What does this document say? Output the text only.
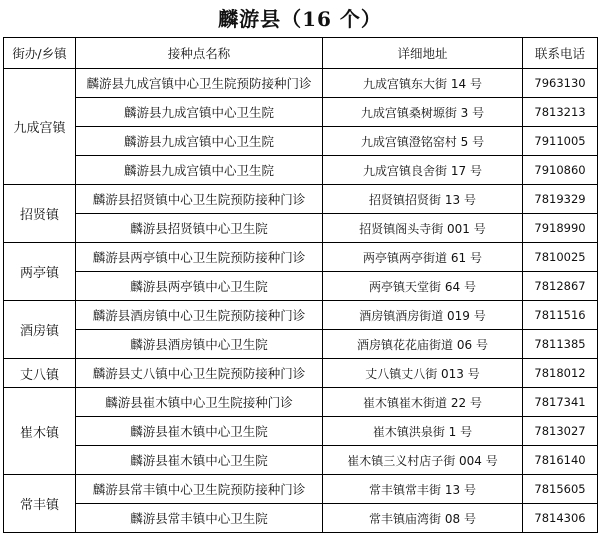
麟游县（16 个）
街办/乡镇	接种点名称	详细地址	联系电话
九成宫镇	麟游县九成宫镇中心卫生院预防接种门诊	九成宫镇东大街 14 号	7963130
	麟游县九成宫镇中心卫生院	九成宫镇桑树塬街 3 号	7813213
	麟游县九成宫镇中心卫生院	九成宫镇澄铭窑村 5 号	7911005
	麟游县九成宫镇中心卫生院	九成宫镇良舍街 17 号	7910860
招贤镇	麟游县招贤镇中心卫生院预防接种门诊	招贤镇招贤街 13 号	7819329
	麟游县招贤镇中心卫生院	招贤镇阁头寺街 001 号	7918990
两亭镇	麟游县两亭镇中心卫生院预防接种门诊	两亭镇两亭街道 61 号	7810025
	麟游县两亭镇中心卫生院	两亭镇天堂街 64 号	7812867
酒房镇	麟游县酒房镇中心卫生院预防接种门诊	酒房镇酒房街道 019 号	7811516
	麟游县酒房镇中心卫生院	酒房镇花花庙街道 06 号	7811385
丈八镇	麟游县丈八镇中心卫生院预防接种门诊	丈八镇丈八街 013 号	7818012
崔木镇	麟游县崔木镇中心卫生院接种门诊	崔木镇崔木街道 22 号	7817341
	麟游县崔木镇中心卫生院	崔木镇洪泉街 1 号	7813027
	麟游县崔木镇中心卫生院	崔木镇三义村店子街 004 号	7816140
常丰镇	麟游县常丰镇中心卫生院预防接种门诊	常丰镇常丰街 13 号	7815605
	麟游县常丰镇中心卫生院	常丰镇庙湾街 08 号	7814306
